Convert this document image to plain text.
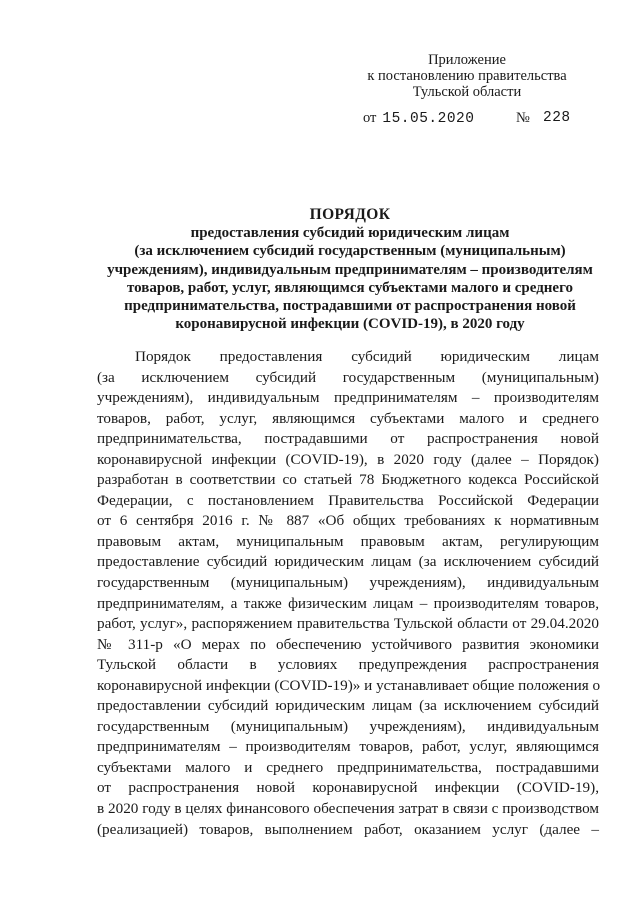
Приложение
к постановлению правительства
Тульской области
от 15.05.2020	№ 228
ПОРЯДОК
предоставления субсидий юридическим лицам
(за исключением субсидий государственным (муниципальным)
учреждениям), индивидуальным предпринимателям – производителям
товаров, работ, услуг, являющимся субъектами малого и среднего
предпринимательства, пострадавшими от распространения новой
коронавирусной инфекции (COVID-19), в 2020 году
Порядок предоставления субсидий юридическим лицам
(за исключением субсидий государственным (муниципальным)
учреждениям), индивидуальным предпринимателям – производителям
товаров, работ, услуг, являющимся субъектами малого и среднего
предпринимательства, пострадавшими от распространения новой
коронавирусной инфекции (COVID-19), в 2020 году (далее – Порядок)
разработан в соответствии со статьей 78 Бюджетного кодекса Российской
Федерации, с постановлением Правительства Российской Федерации
от 6 сентября 2016 г. № 887 «Об общих требованиях к нормативным
правовым актам, муниципальным правовым актам, регулирующим
предоставление субсидий юридическим лицам (за исключением субсидий
государственным (муниципальным) учреждениям), индивидуальным
предпринимателям, а также физическим лицам – производителям товаров,
работ, услуг», распоряжением правительства Тульской области от 29.04.2020
№ 311-р «О мерах по обеспечению устойчивого развития экономики
Тульской области в условиях предупреждения распространения
коронавирусной инфекции (COVID-19)» и устанавливает общие положения о
предоставлении субсидий юридическим лицам (за исключением субсидий
государственным (муниципальным) учреждениям), индивидуальным
предпринимателям – производителям товаров, работ, услуг, являющимся
субъектами малого и среднего предпринимательства, пострадавшими
от распространения новой коронавирусной инфекции (COVID-19),
в 2020 году в целях финансового обеспечения затрат в связи с производством
(реализацией) товаров, выполнением работ, оказанием услуг (далее –
